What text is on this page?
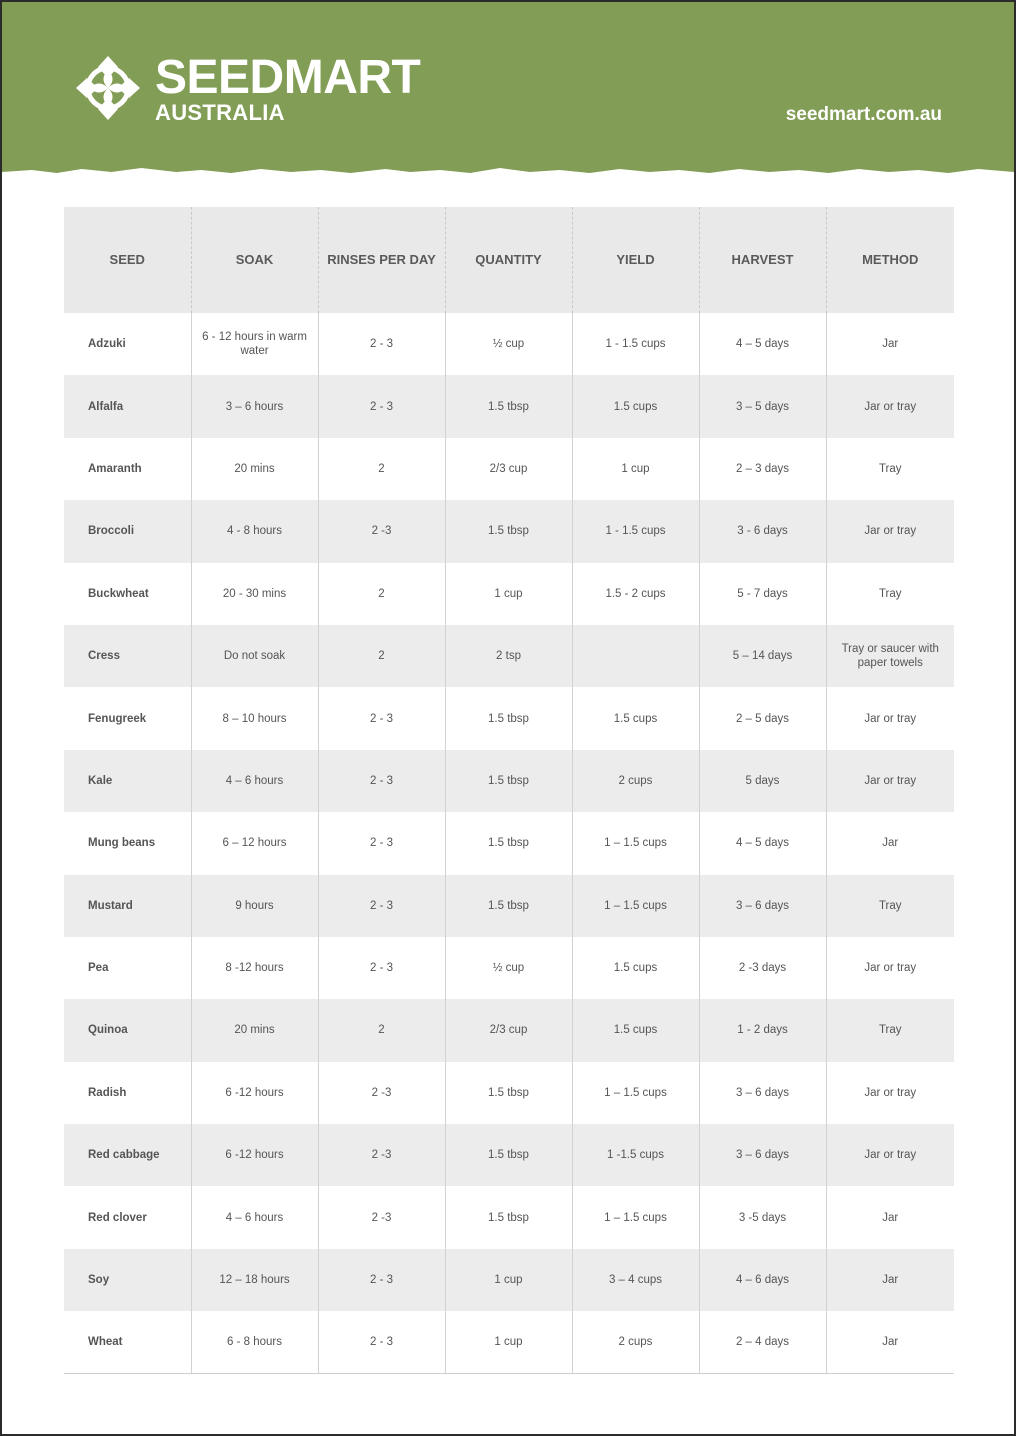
SEEDMART
AUSTRALIA	seedmart.com.au
SEED	SOAK	RINSES PER DAY	QUANTITY	YIELD	HARVEST	METHOD
Adzuki	6 - 12 hours in warm water	2 - 3	½ cup	1 - 1.5 cups	4 – 5 days	Jar
Alfalfa	3 – 6 hours	2 - 3	1.5 tbsp	1.5 cups	3 – 5 days	Jar or tray
Amaranth	20 mins	2	2/3 cup	1 cup	2 – 3 days	Tray
Broccoli	4 - 8 hours	2 -3	1.5 tbsp	1 - 1.5 cups	3 - 6 days	Jar or tray
Buckwheat	20 - 30 mins	2	1 cup	1.5 - 2 cups	5 - 7 days	Tray
Cress	Do not soak	2	2 tsp		5 – 14 days	Tray or saucer with paper towels
Fenugreek	8 – 10 hours	2 - 3	1.5 tbsp	1.5 cups	2 – 5 days	Jar or tray
Kale	4 – 6 hours	2 - 3	1.5 tbsp	2 cups	5 days	Jar or tray
Mung beans	6 – 12 hours	2 - 3	1.5 tbsp	1 – 1.5 cups	4 – 5 days	Jar
Mustard	9 hours	2 - 3	1.5 tbsp	1 – 1.5 cups	3 – 6 days	Tray
Pea	8 -12 hours	2 - 3	½ cup	1.5 cups	2 -3 days	Jar or tray
Quinoa	20 mins	2	2/3 cup	1.5 cups	1 - 2 days	Tray
Radish	6 -12 hours	2 -3	1.5 tbsp	1 – 1.5 cups	3 – 6 days	Jar or tray
Red cabbage	6 -12 hours	2 -3	1.5 tbsp	1 -1.5 cups	3 – 6 days	Jar or tray
Red clover	4 – 6 hours	2 -3	1.5 tbsp	1 – 1.5 cups	3 -5 days	Jar
Soy	12 – 18 hours	2 - 3	1 cup	3 – 4 cups	4 – 6 days	Jar
Wheat	6 - 8 hours	2 - 3	1 cup	2 cups	2 – 4 days	Jar
